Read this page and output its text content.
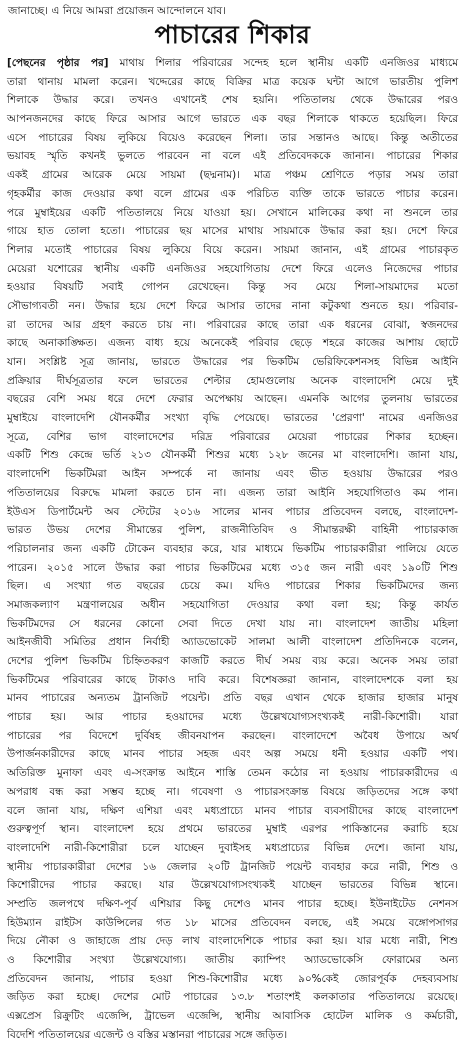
জানাচ্ছে। এ নিয়ে আমরা প্রয়োজন আন্দোলনে যাব।
পাচারের শিকার
[পেছনের পৃষ্ঠার পর] মাথায় শিলার পরিবারের সন্দেহ হলে স্থানীয় একটি এনজিওর মাধ্যমে
তারা থানায় মামলা করেন। খদ্দেরের কাছে বিক্রির মাত্র কয়েক ঘন্টা আগে ভারতীয় পুলিশ
শিলাকে উদ্ধার করে। তখনও এখানেই শেষ হয়নি। পতিতালয় থেকে উদ্ধারের পরও
আপনজনদের কাছে ফিরে আসার আগে ভারতে এক বছর শিলাকে থাকতে হয়েছিল। ফিরে
এসে পাচারের বিষয় লুকিয়ে বিয়েও করেছেন শিলা। তার সন্তানও আছে। কিন্তু অতীতের
ভয়াবহ স্মৃতি কখনই ভুলতে পারবেন না বলে এই প্রতিবেদককে জানান। পাচারের শিকার
একই গ্রামের আরেক মেয়ে সায়মা (ছদ্মনাম)। মাত্র পঞ্চম শ্রেণিতে পড়ার সময় তারা
গৃহকর্মীর কাজ দেওয়ার কথা বলে গ্রামের এক পরিচিত ব্যক্তি তাকে ভারতে পাচার করেন।
পরে মুম্বাইয়ের একটি পতিতালয়ে নিয়ে যাওয়া হয়। সেখানে মালিকের কথা না শুনলে তার
গায়ে হাত তোলা হতো। পাচারের ছয় মাসের মাথায় সায়মাকে উদ্ধার করা হয়। দেশে ফিরে
শিলার মতোই পাচারের বিষয় লুকিয়ে বিয়ে করেন। সায়মা জানান, এই গ্রামের পাচারকৃত
মেয়েরা যশোরের স্থানীয় একটি এনজিওর সহযোগিতায় দেশে ফিরে এলেও নিজেদের পাচার
হওয়ার বিষয়টি সবাই গোপন রেখেছেন। কিন্তু সব মেয়ে শিলা-সায়মাদের মতো
সৌভাগ্যবতী নন। উদ্ধার হয়ে দেশে ফিরে আসার তাদের নানা কটুকথা শুনতে হয়। পরিবার-
রা তাদের আর গ্রহণ করতে চায় না। পরিবারের কাছে তারা এক ধরনের বোঝা, স্বজনদের
কাছে অনাকাঙ্ক্ষিত। এজন্য বাধ্য হয়ে অনেকেই পরিবার ছেড়ে শহরে কাজের আশায় ছোটে
যান। সংশ্লিষ্ট সূত্র জানায়, ভারতে উদ্ধারের পর ভিকটিম ভেরিফিকেশনসহ বিভিন্ন আইনি
প্রক্রিয়ার দীর্ঘসূত্রতার ফলে ভারতের শেল্টার হোমগুলোয় অনেক বাংলাদেশি মেয়ে দুই
বছরের বেশি সময় ধরে দেশে ফেরার অপেক্ষায় আছেন। এমনকি আগের তুলনায় ভারতের
মুম্বাইয়ে বাংলাদেশি যৌনকর্মীর সংখ্যা বৃদ্ধি পেয়েছে। ভারতের 'প্রেরণা' নামের এনজিওর
সূত্রে, বেশির ভাগ বাংলাদেশের দরিদ্র পরিবারের মেয়েরা পাচারের শিকার হচ্ছেন।
একটি শিশু কেন্দ্রে ভর্তি ২১৩ যৌনকর্মী শিশুর মধ্যে ১২৮ জনের মা বাংলাদেশি। জানা যায়,
বাংলাদেশি ভিকটিমরা আইন সম্পর্কে না জানায় এবং ভীত হওয়ায় উদ্ধারের পরও
পতিতালয়ের বিরুদ্ধে মামলা করতে চান না। এজন্য তারা আইনি সহযোগিতাও কম পান।
ইউএস ডিপার্টমেন্ট অব স্টেটের ২০১৬ সালের মানব পাচার প্রতিবেদন বলছে, বাংলাদেশ-
ভারত উভয় দেশের সীমান্তের পুলিশ, রাজনীতিবিদ ও সীমান্তরক্ষী বাহিনী পাচারকাজ
পরিচালনার জন্য একটি টোকেন ব্যবহার করে, যার মাধ্যমে ভিকটিম পাচারকারীরা পালিয়ে যেতে
পারেন। ২০১৫ সালে উদ্ধার করা পাচার ভিকটিমের মধ্যে ৩১৫ জন নারী এবং ১৯০টি শিশু
ছিল। এ সংখ্যা গত বছরের চেয়ে কম। যদিও পাচারের শিকার ভিকটিমদের জন্য
সমাজকল্যাণ মন্ত্রণালয়ের অধীন সহযোগিতা দেওয়ার কথা বলা হয়; কিন্তু কার্যত
ভিকটিমদের সে ধরনের কোনো সেবা দিতে দেখা যায় না। বাংলাদেশ জাতীয় মহিলা
আইনজীবী সমিতির প্রধান নির্বাহী অ্যাডভোকেট সালমা আলী বাংলাদেশ প্রতিদিনকে বলেন,
দেশের পুলিশ ভিকটিম চিহ্নিতকরণ কাজটি করতে দীর্ঘ সময় ব্যয় করে। অনেক সময় তারা
ভিকটিমের পরিবারের কাছে টাকাও দাবি করে। বিশেষজ্ঞরা জানান, বাংলাদেশকে বলা হয়
মানব পাচারের অন্যতম ট্রানজিট পয়েন্ট। প্রতি বছর এখান থেকে হাজার হাজার মানুষ
পাচার হয়। আর পাচার হওয়াদের মধ্যে উল্লেখযোগ্যসংখ্যকই নারী-কিশোরী। যারা
পাচারের পর বিদেশে দুর্বিষহ জীবনযাপন করছেন। বাংলাদেশে অবৈধ উপায়ে অর্থ
উপার্জনকারীদের কাছে মানব পাচার সহজ এবং অল্প সময়ে ধনী হওয়ার একটি পথ।
অতিরিক্ত মুনাফা এবং এ-সংক্রান্ত আইনে শাস্তি তেমন কঠোর না হওয়ায় পাচারকারীদের এ
অপরাধ বন্ধ করা সম্ভব হচ্ছে না। গবেষণা ও পাচারসংক্রান্ত বিষয়ে জড়িতদের সঙ্গে কথা
বলে জানা যায়, দক্ষিণ এশিয়া এবং মধ্যপ্রাচ্যে মানব পাচার ব্যবসায়ীদের কাছে বাংলাদেশ
গুরুত্বপূর্ণ স্থান। বাংলাদেশ হয়ে প্রথমে ভারতের মুম্বাই এরপর পাকিস্তানের করাচি হয়ে
বাংলাদেশি নারী-কিশোরীরা চলে যাচ্ছেন দুবাইসহ মধ্যপ্রাচ্যের বিভিন্ন দেশে। জানা যায়,
স্থানীয় পাচারকারীরা দেশের ১৬ জেলার ২০টি ট্রানজিট পয়েন্ট ব্যবহার করে নারী, শিশু ও
কিশোরীদের পাচার করছে। যার উল্লেখযোগ্যসংখ্যকই যাচ্ছেন ভারতের বিভিন্ন স্থানে।
সম্প্রতি জলপথে দক্ষিণ-পূর্ব এশিয়ার কিছু দেশেও মানব পাচার হচ্ছে। ইউনাইটেড নেশনস
হিউম্যান রাইটস কাউন্সিলের গত ১৮ মাসের প্রতিবেদন বলছে, এই সময়ে বঙ্গোপসাগর
দিয়ে নৌকা ও জাহাজে প্রায় দেড় লাখ বাংলাদেশিকে পাচার করা হয়। যার মধ্যে নারী, শিশু
ও কিশোরীর সংখ্যা উল্লেখযোগ্য। জাতীয় ক্যাম্পিং অ্যাডভোকেসি ফোরামের অন্য
প্রতিবেদন জানায়, পাচার হওয়া শিশু-কিশোরীর মধ্যে ৯০%কেই জোরপূর্বক দেহব্যবসায়
জড়িত করা হচ্ছে। দেশের মোট পাচারের ১৩.৮ শতাংশই কলকাতার পতিতালয়ে রয়েছে।
এক্সপ্রেস রিক্রুটিং এজেন্সি, ট্রাভেল এজেন্সি, স্থানীয় আবাসিক হোটেল মালিক ও কর্মচারী,
বিদেশি পতিতালয়ের এজেন্ট ও বস্তির মস্তানরা পাচারের সঙ্গে জড়িত।
